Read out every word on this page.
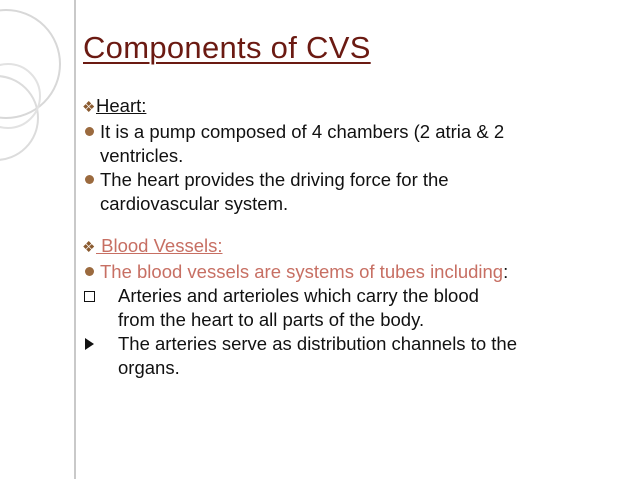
Components of CVS
❖Heart:
It is a pump composed of 4 chambers (2 atria & 2
ventricles.
The heart provides the driving force for the
cardiovascular system.
❖ Blood Vessels:
The blood vessels are systems of tubes including:
Arteries and arterioles which carry the blood
from the heart to all parts of the body.
The arteries serve as distribution channels to the
organs.
